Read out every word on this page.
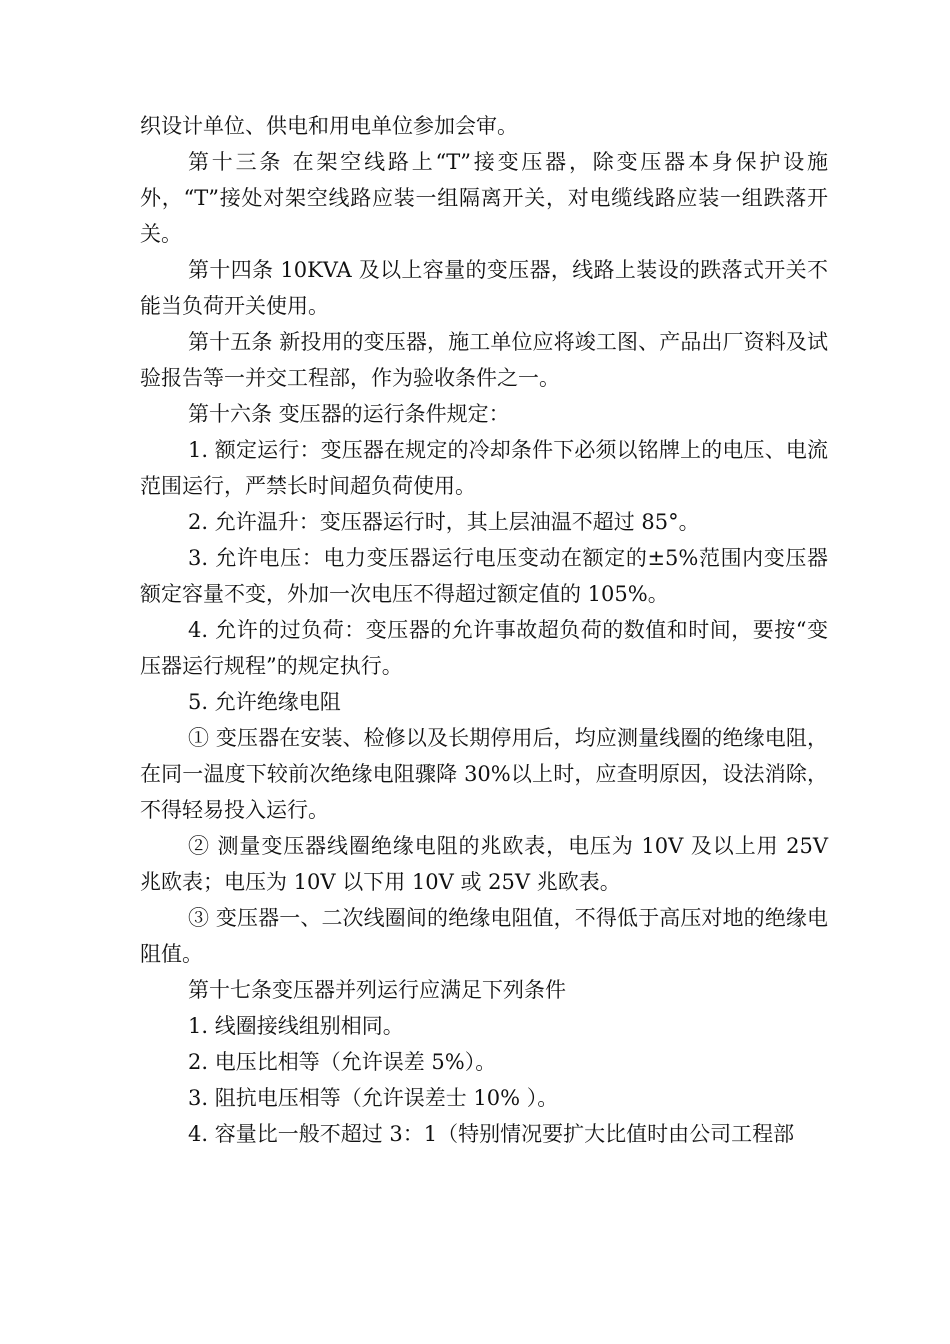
织设计单位、供电和用电单位参加会审。

第十三条 在架空线路上“T”接变压器，除变压器本身保护设施外，“T”接处对架空线路应装一组隔离开关，对电缆线路应装一组跌落开关。

第十四条 10KVA 及以上容量的变压器，线路上装设的跌落式开关不能当负荷开关使用。

第十五条 新投用的变压器，施工单位应将竣工图、产品出厂资料及试验报告等一并交工程部，作为验收条件之一。

第十六条 变压器的运行条件规定：

1. 额定运行：变压器在规定的冷却条件下必须以铭牌上的电压、电流范围运行，严禁长时间超负荷使用。

2. 允许温升：变压器运行时，其上层油温不超过 85°。

3. 允许电压：电力变压器运行电压变动在额定的±5%范围内变压器额定容量不变，外加一次电压不得超过额定值的 105%。

4. 允许的过负荷：变压器的允许事故超负荷的数值和时间，要按“变压器运行规程”的规定执行。

5. 允许绝缘电阻

① 变压器在安装、检修以及长期停用后，均应测量线圈的绝缘电阻，在同一温度下较前次绝缘电阻骤降 30%以上时，应查明原因，设法消除，不得轻易投入运行。

② 测量变压器线圈绝缘电阻的兆欧表，电压为 10V 及以上用 25V 兆欧表；电压为 10V 以下用 10V 或 25V 兆欧表。

③ 变压器一、二次线圈间的绝缘电阻值，不得低于高压对地的绝缘电阻值。

第十七条变压器并列运行应满足下列条件

1. 线圈接线组别相同。

2. 电压比相等（允许误差 5%）。

3. 阻抗电压相等（允许误差士 10% ）。

4. 容量比一般不超过 3：1（特别情况要扩大比值时由公司工程部
